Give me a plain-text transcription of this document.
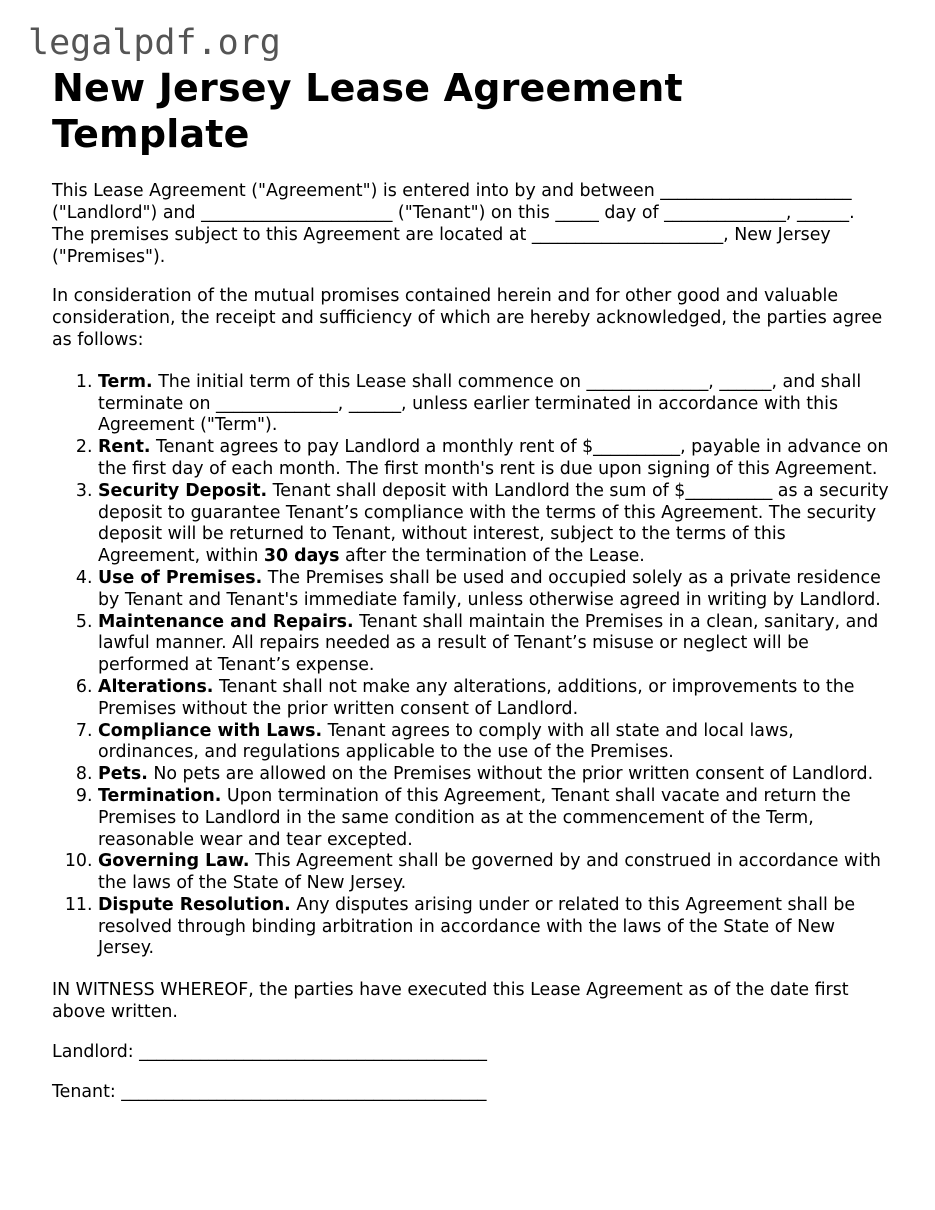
legalpdf.org
New Jersey Lease Agreement Template

This Lease Agreement ("Agreement") is entered into by and between ______________________ ("Landlord") and ______________________ ("Tenant") on this _____ day of ______________, ______. The premises subject to this Agreement are located at ______________________, New Jersey ("Premises").

In consideration of the mutual promises contained herein and for other good and valuable consideration, the receipt and sufficiency of which are hereby acknowledged, the parties agree as follows:

1. Term. The initial term of this Lease shall commence on ______________, ______, and shall terminate on ______________, ______, unless earlier terminated in accordance with this Agreement ("Term").
2. Rent. Tenant agrees to pay Landlord a monthly rent of $__________, payable in advance on the first day of each month. The first month's rent is due upon signing of this Agreement.
3. Security Deposit. Tenant shall deposit with Landlord the sum of $__________ as a security deposit to guarantee Tenant’s compliance with the terms of this Agreement. The security deposit will be returned to Tenant, without interest, subject to the terms of this Agreement, within 30 days after the termination of the Lease.
4. Use of Premises. The Premises shall be used and occupied solely as a private residence by Tenant and Tenant's immediate family, unless otherwise agreed in writing by Landlord.
5. Maintenance and Repairs. Tenant shall maintain the Premises in a clean, sanitary, and lawful manner. All repairs needed as a result of Tenant’s misuse or neglect will be performed at Tenant’s expense.
6. Alterations. Tenant shall not make any alterations, additions, or improvements to the Premises without the prior written consent of Landlord.
7. Compliance with Laws. Tenant agrees to comply with all state and local laws, ordinances, and regulations applicable to the use of the Premises.
8. Pets. No pets are allowed on the Premises without the prior written consent of Landlord.
9. Termination. Upon termination of this Agreement, Tenant shall vacate and return the Premises to Landlord in the same condition as at the commencement of the Term, reasonable wear and tear excepted.
10. Governing Law. This Agreement shall be governed by and construed in accordance with the laws of the State of New Jersey.
11. Dispute Resolution. Any disputes arising under or related to this Agreement shall be resolved through binding arbitration in accordance with the laws of the State of New Jersey.

IN WITNESS WHEREOF, the parties have executed this Lease Agreement as of the date first above written.

Landlord: ________________________________________

Tenant: __________________________________________
